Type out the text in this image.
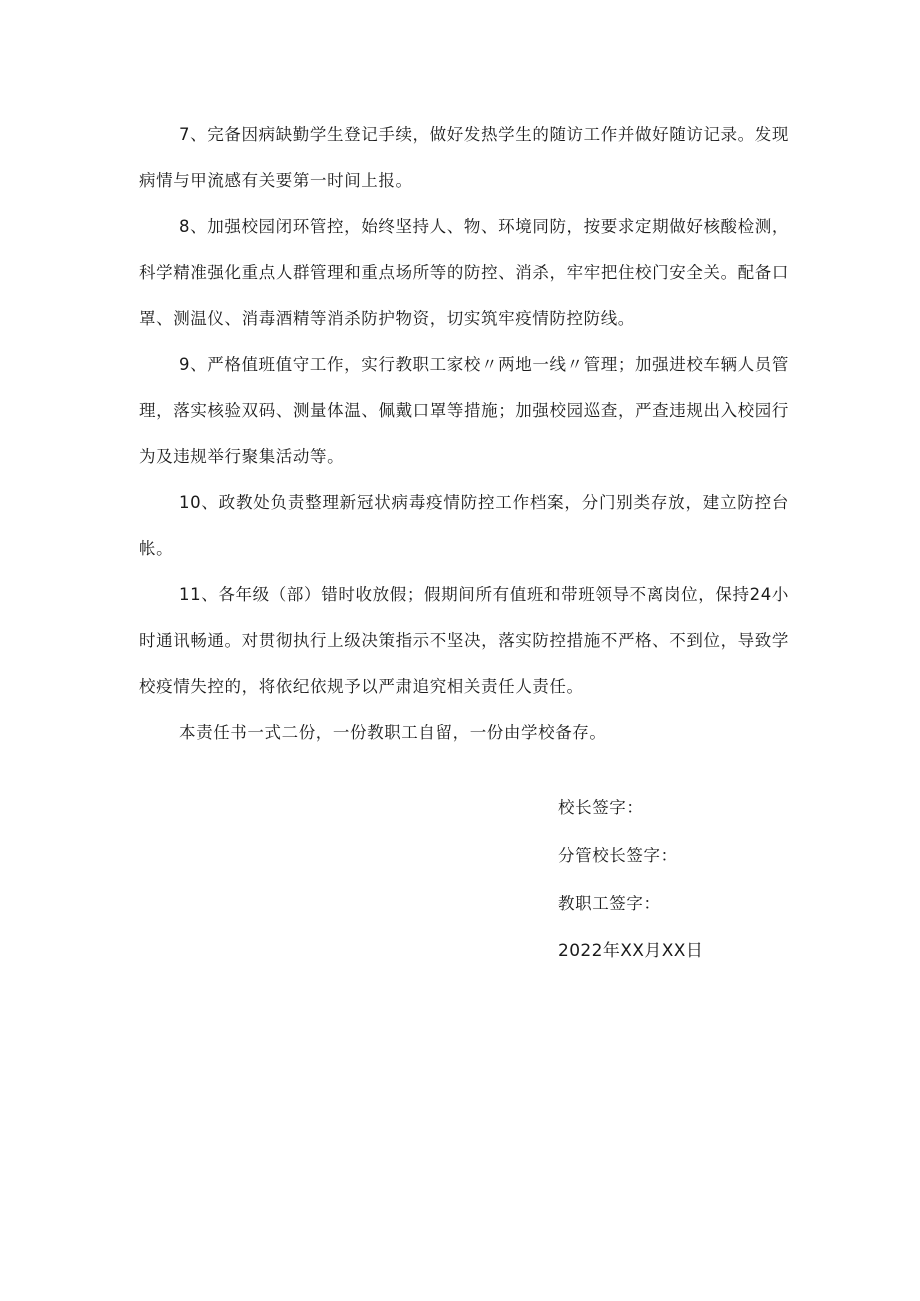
7、完备因病缺勤学生登记手续，做好发热学生的随访工作并做好随访记录。发现病情与甲流感有关要第一时间上报。

8、加强校园闭环管控，始终坚持人、物、环境同防，按要求定期做好核酸检测，科学精准强化重点人群管理和重点场所等的防控、消杀，牢牢把住校门安全关。配备口罩、测温仪、消毒酒精等消杀防护物资，切实筑牢疫情防控防线。

9、严格值班值守工作，实行教职工家校〃两地一线〃管理；加强进校车辆人员管理，落实核验双码、测量体温、佩戴口罩等措施；加强校园巡查，严查违规出入校园行为及违规举行聚集活动等。

10、政教处负责整理新冠状病毒疫情防控工作档案，分门别类存放，建立防控台帐。

11、各年级（部）错时收放假；假期间所有值班和带班领导不离岗位，保持24小时通讯畅通。对贯彻执行上级决策指示不坚决，落实防控措施不严格、不到位，导致学校疫情失控的，将依纪依规予以严肃追究相关责任人责任。

本责任书一式二份，一份教职工自留，一份由学校备存。

校长签字：
分管校长签字：
教职工签字：
2022年XX月XX日
